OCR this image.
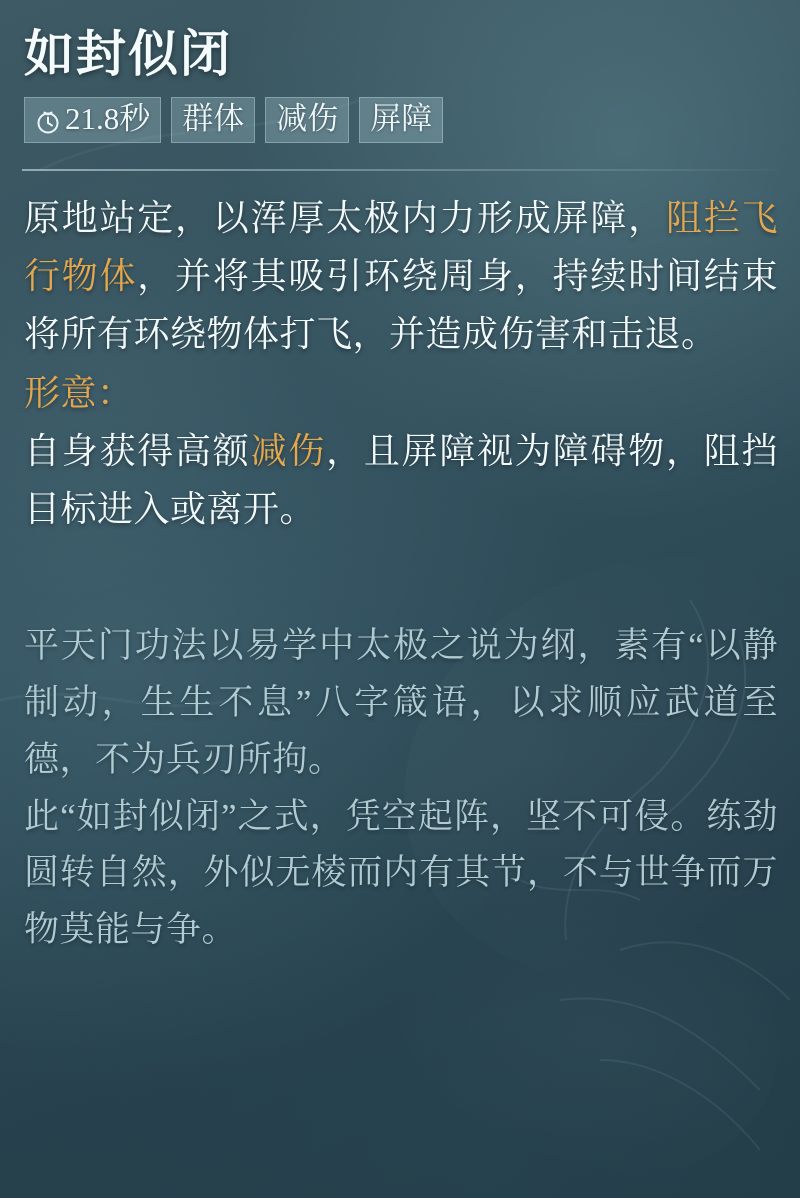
如封似闭
21.8秒	群体	减伤	屏障

原地站定，以浑厚太极内力形成屏障，阻拦飞行物体，并将其吸引环绕周身，持续时间结束将所有环绕物体打飞，并造成伤害和击退。

形意：

自身获得高额减伤，且屏障视为障碍物，阻挡目标进入或离开。

平天门功法以易学中太极之说为纲，素有“以静制动，生生不息”八字箴语，以求顺应武道至德，不为兵刃所拘。

此“如封似闭”之式，凭空起阵，坚不可侵。练劲圆转自然，外似无棱而内有其节，不与世争而万物莫能与争。
